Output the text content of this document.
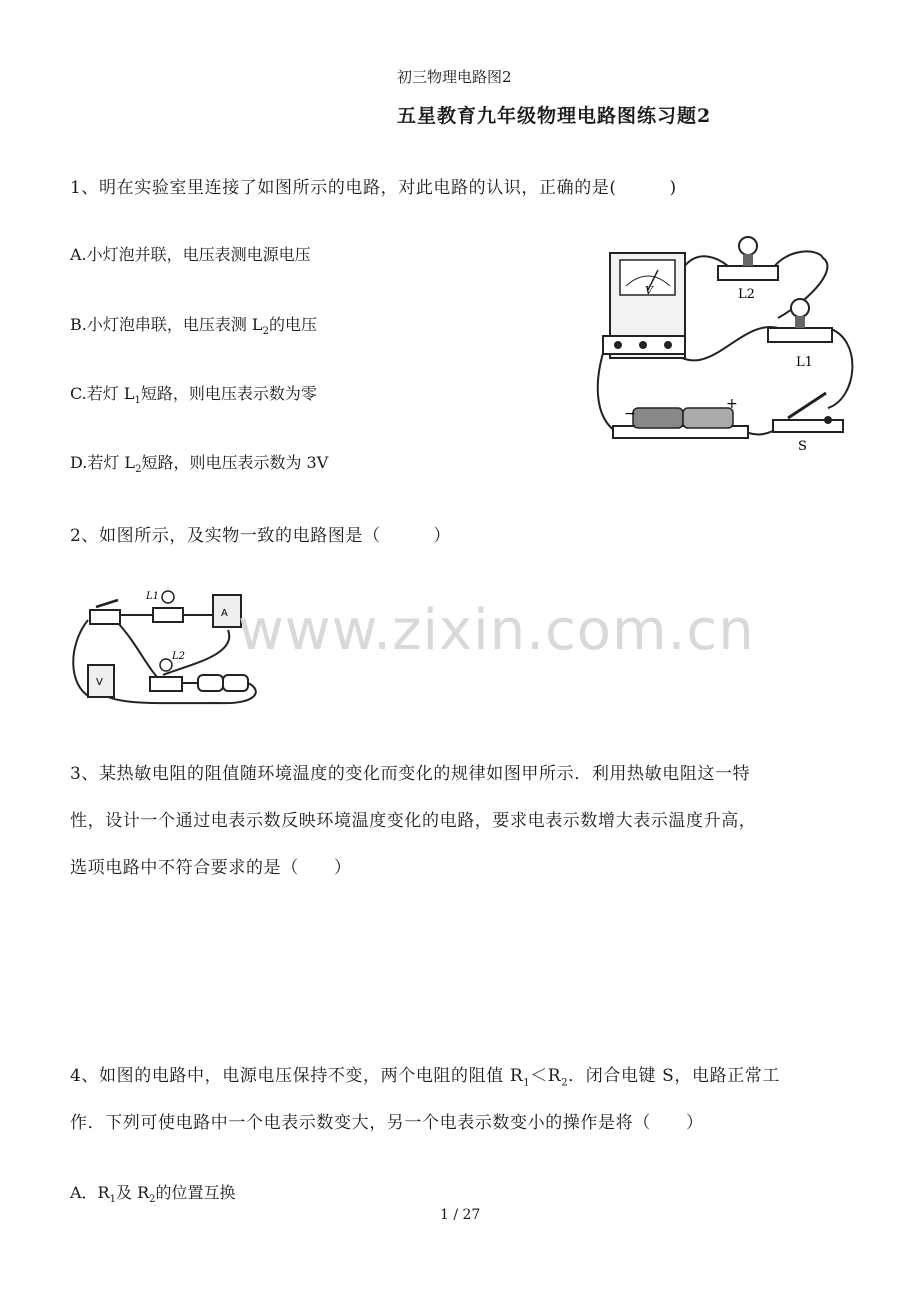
初三物理电路图2
五星教育九年级物理电路图练习题2
1、明在实验室里连接了如图所示的电路，对此电路的认识，正确的是(　　　)
A.小灯泡并联，电压表测电源电压
B.小灯泡串联，电压表测 $L_2$的电压
C.若灯 $L_1$短路，则电压表示数为零
D.若灯 $L_2$短路，则电压表示数为 3V
V	L2
L1
−
+
S
2、如图所示，及实物一致的电路图是（　　　）
L1
A
V
L2 www.zixin.com.cn
3、某热敏电阻的阻值随环境温度的变化而变化的规律如图甲所示．利用热敏电阻这一特
性，设计一个通过电表示数反映环境温度变化的电路，要求电表示数增大表示温度升高，
选项电路中不符合要求的是（　　）
4、如图的电路中，电源电压保持不变，两个电阻的阻值 $R_1<R_2$．闭合电键 S，电路正常工
作．下列可使电路中一个电表示数变大，另一个电表示数变小的操作是将（　　）
A．$R_1$及 $R_2$的位置互换
1 / 27
